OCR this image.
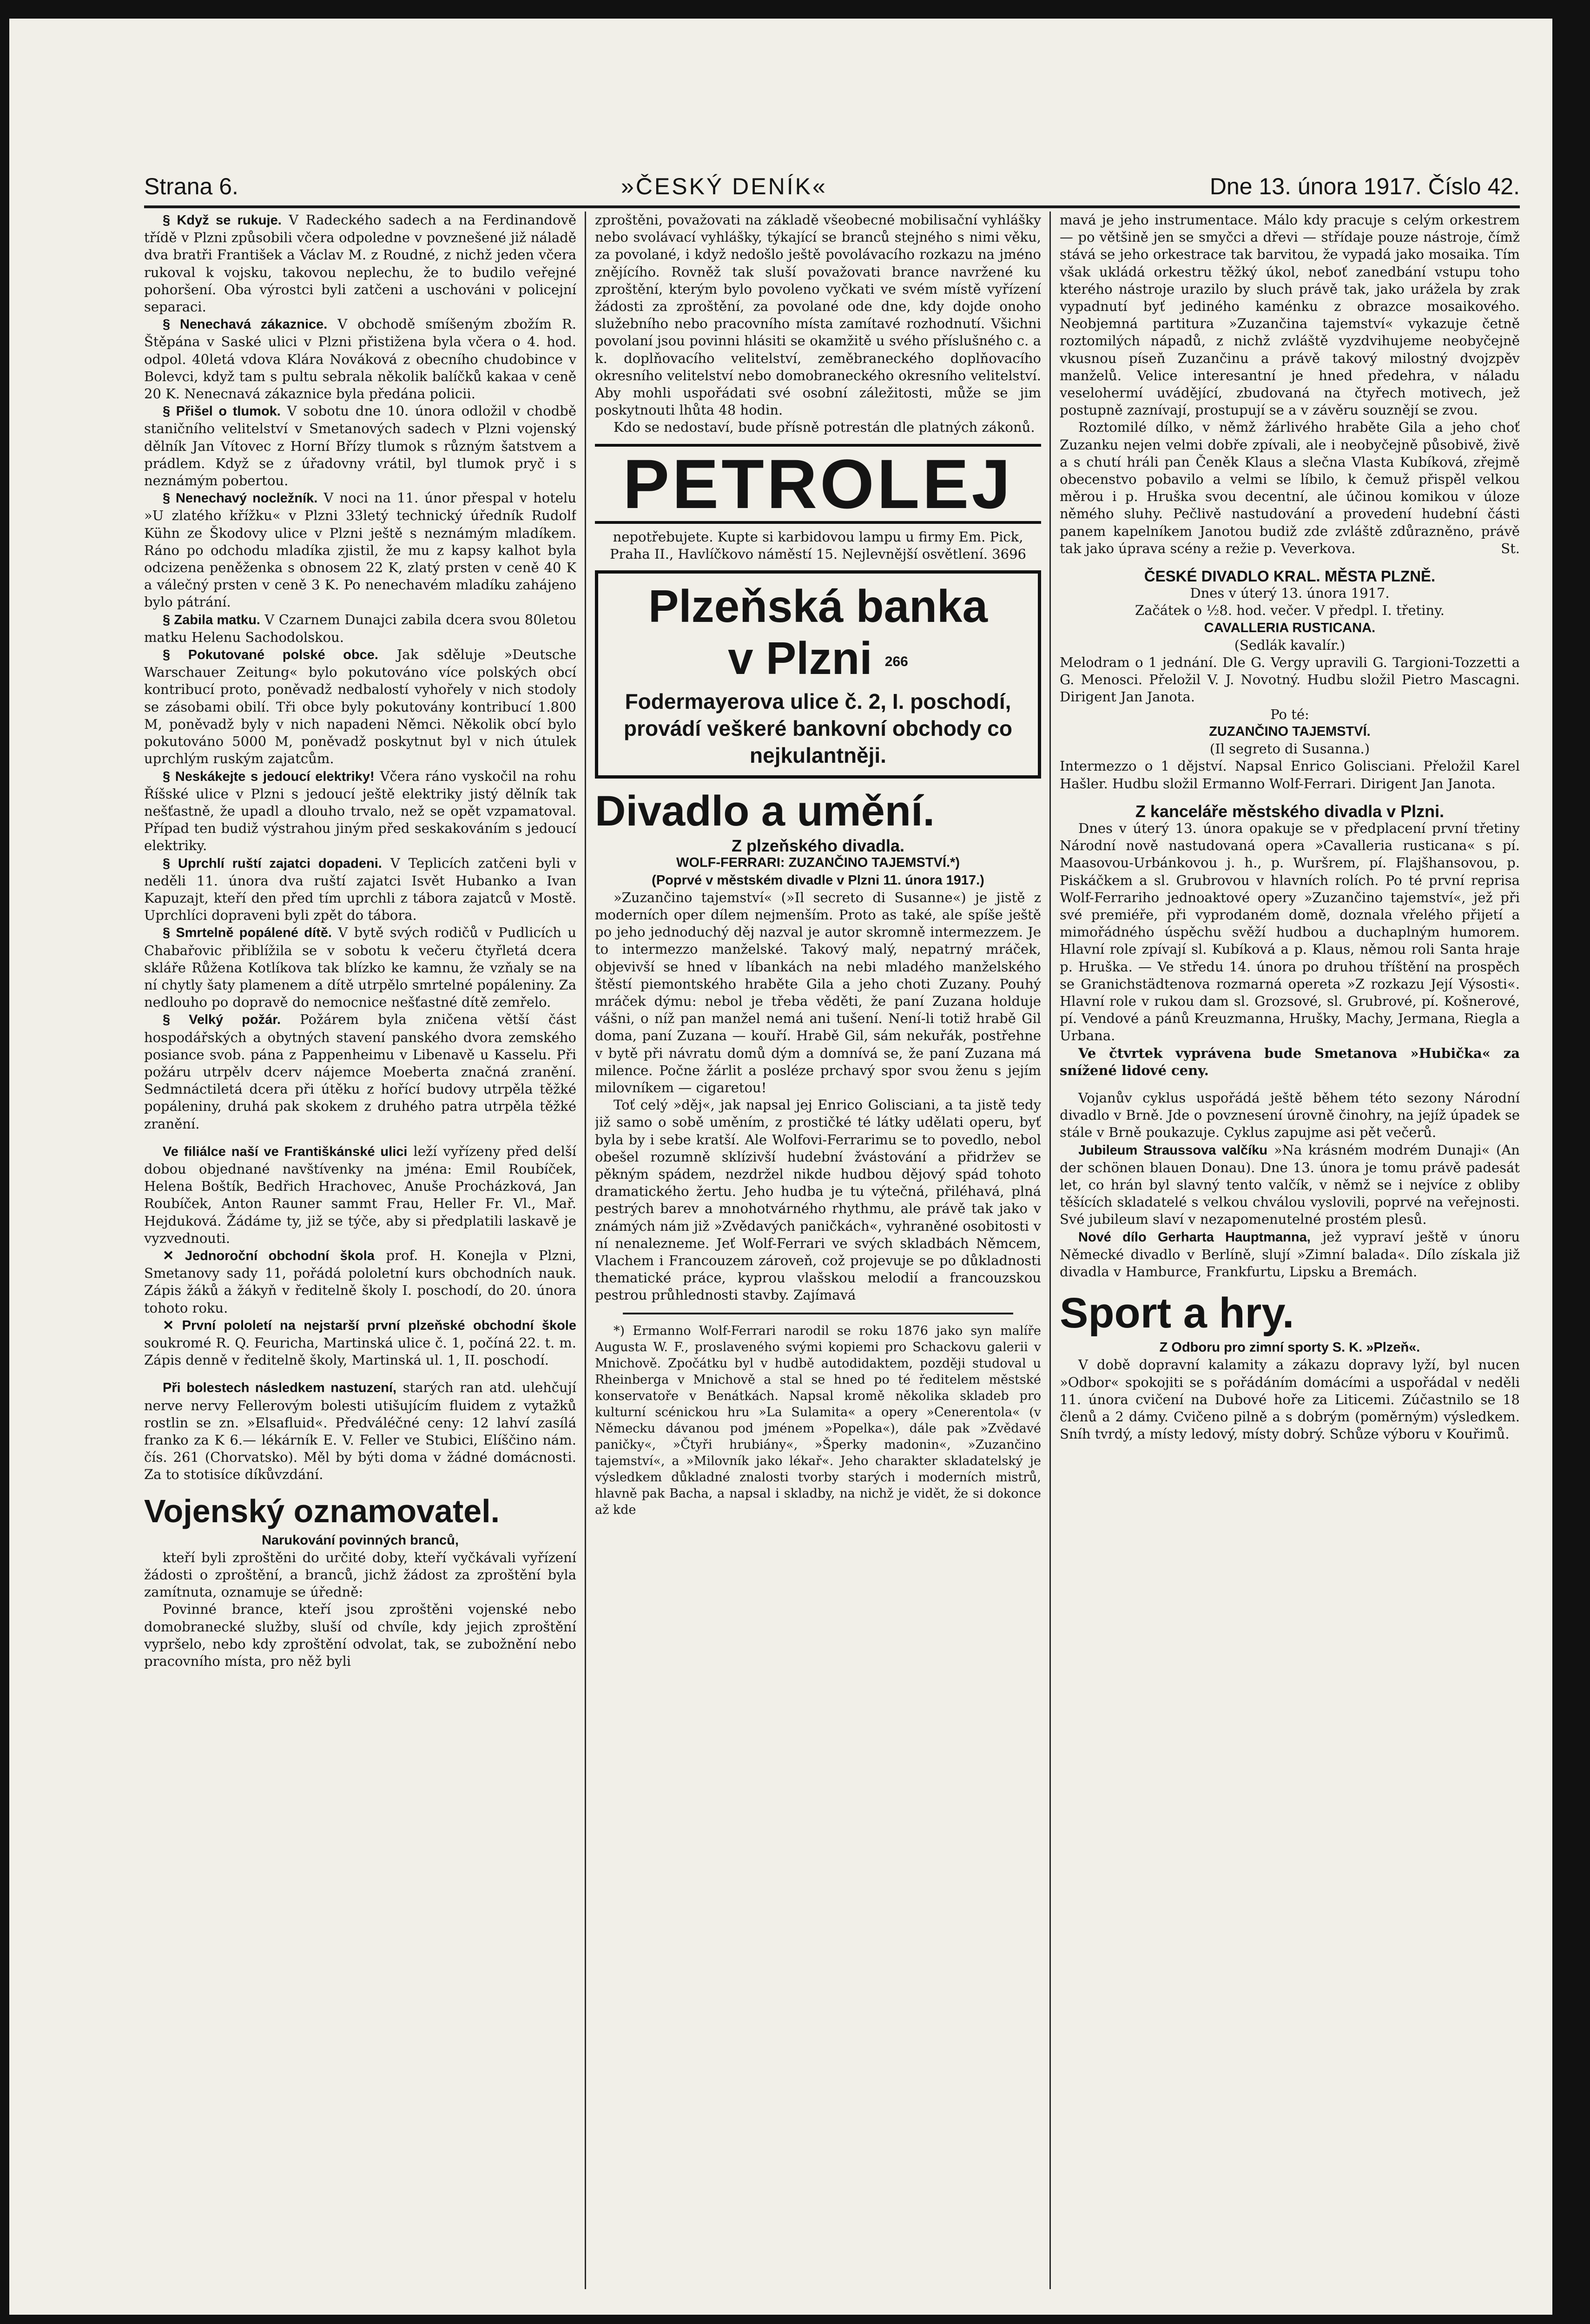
Strana 6.	»ČESKÝ DENÍK«	Dne 13. února 1917. Číslo 42.

§ Když se rukuje. V Radeckého sadech a na Ferdinandově třídě v Plzni způsobili včera odpoledne v povznešené již náladě dva bratři František a Václav M. z Roudné, z nichž jeden včera rukoval k vojsku, takovou neplechu, že to budilo veřejné pohoršení. Oba výrostci byli zatčeni a uschováni v policejní separaci.

§ Nenechavá zákaznice. V obchodě smíšeným zbožím R. Štěpána v Saské ulici v Plzni přistižena byla včera o 4. hod. odpol. 40letá vdova Klára Nováková z obecního chudobince v Bolevci, když tam s pultu sebrala několik balíčků kakaa v ceně 20 K. Nenecnavá zákaznice byla předána policii.

§ Přišel o tlumok. V sobotu dne 10. února odložil v chodbě staničního velitelství v Smetanových sadech v Plzni vojenský dělník Jan Vítovec z Horní Břízy tlumok s různým šatstvem a prádlem. Když se z úřadovny vrátil, byl tlumok pryč i s neznámým pobertou.

§ Nenechavý nocležník. V noci na 11. únor přespal v hotelu »U zlatého křížku« v Plzni 33letý technický úředník Rudolf Kühn ze Škodovy ulice v Plzni ještě s neznámým mladíkem. Ráno po odchodu mladíka zjistil, že mu z kapsy kalhot byla odcizena peněženka s obnosem 22 K, zlatý prsten v ceně 40 K a válečný prsten v ceně 3 K. Po nenechavém mladíku zahájeno bylo pátrání.

§ Zabila matku. V Czarnem Dunajci zabila dcera svou 80letou matku Helenu Sachodolskou.

§ Pokutované polské obce. Jak sděluje »Deutsche Warschauer Zeitung« bylo pokutováno více polských obcí kontribucí proto, poněvadž nedbalostí vyhořely v nich stodoly se zásobami obilí. Tři obce byly pokutovány kontribucí 1.800 M, poněvadž byly v nich napadeni Němci. Několik obcí bylo pokutováno 5000 M, poněvadž poskytnut byl v nich útulek uprchlým ruským zajatcům.

§ Neskákejte s jedoucí elektriky! Včera ráno vyskočil na rohu Říšské ulice v Plzni s jedoucí ještě elektriky jistý dělník tak nešťastně, že upadl a dlouho trvalo, než se opět vzpamatoval. Případ ten budiž výstrahou jiným před seskakováním s jedoucí elektriky.

§ Uprchlí ruští zajatci dopadeni. V Teplicích zatčeni byli v neděli 11. února dva ruští zajatci Isvět Hubanko a Ivan Kapuzajt, kteří den před tím uprchli z tábora zajatců v Mostě. Uprchlíci dopraveni byli zpět do tábora.

§ Smrtelně popálené dítě. V bytě svých rodičů v Pudlicích u Chabařovic přiblížila se v sobotu k večeru čtyřletá dcera skláře Růžena Kotlíkova tak blízko ke kamnu, že vzňaly se na ní chytly šaty plamenem a dítě utrpělo smrtelné popáleniny. Za nedlouho po dopravě do nemocnice nešťastné dítě zemřelo.

§ Velký požár. Požárem byla zničena větší část hospodářských a obytných stavení panského dvora zemského posiance svob. pána z Pappenheimu v Libenavě u Kasselu. Při požáru utrpělv dcerv nájemce Moeberta značná zranění. Sedmnáctiletá dcera při útěku z hořící budovy utrpěla těžké popáleniny, druhá pak skokem z druhého patra utrpěla těžké zranění.

Ve filiálce naší ve Františkánské ulici leží vyřízeny před delší dobou objednané navštívenky na jména: Emil Roubíček, Helena Boštík, Bedřich Hrachovec, Anuše Procházková, Jan Roubíček, Anton Rauner sammt Frau, Heller Fr. Vl., Mař. Hejduková. Žádáme ty, již se týče, aby si předplatili laskavě je vyzvednouti.

✕ Jednoroční obchodní škola prof. H. Konejla v Plzni, Smetanovy sady 11, pořádá pololetní kurs obchodních nauk. Zápis žáků a žákyň v ředitelně školy I. poschodí, do 20. února tohoto roku.

✕ První pololetí na nejstarší první plzeňské obchodní škole soukromé R. Q. Feuricha, Martinská ulice č. 1, počíná 22. t. m. Zápis denně v ředitelně školy, Martinská ul. 1, II. poschodí.

Při bolestech následkem nastuzení, starých ran atd. ulehčují nerve nervy Fellerovým bolesti utišujícím fluidem z vytažků rostlin se zn. »Elsafluid«. Předváléčné ceny: 12 lahví zasílá franko za K 6.— lékárník E. V. Feller ve Stubici, Elíščino nám. čís. 261 (Chorvatsko). Měl by býti doma v žádné domácnosti. Za to stotisíce díkůvzdání.

Vojenský oznamovatel.

Narukování povinných branců,

kteří byli zproštěni do určité doby, kteří vyčkávali vyřízení žádosti o zproštění, a branců, jichž žádost za zproštění byla zamítnuta, oznamuje se úředně:

Povinné brance, kteří jsou zproštěni vojenské nebo domobranecké služby, sluší od chvíle, kdy jejich zproštění vypršelo, nebo kdy zproštění odvolat, tak, se zubožnění nebo pracovního místa, pro něž byli

zproštěni, považovati na základě všeobecné mobilisační vyhlášky nebo svolávací vyhlášky, týkající se branců stejného s nimi věku, za povolané, i když nedošlo ještě povolávacího rozkazu na jméno znějícího. Rovněž tak sluší považovati brance navržené ku zproštění, kterým bylo povoleno vyčkati ve svém místě vyřízení žádosti za zproštění, za povolané ode dne, kdy dojde onoho služebního nebo pracovního místa zamítavé rozhodnutí. Všichni povolaní jsou povinni hlásiti se okamžitě u svého příslušného c. a k. doplňovacího velitelství, zeměbraneckého doplňovacího okresního velitelství nebo domobraneckého okresního velitelství. Aby mohli uspořádati své osobní záležitosti, může se jim poskytnouti lhůta 48 hodin.

Kdo se nedostaví, bude přísně potrestán dle platných zákonů.

PETROLEJ

nepotřebujete. Kupte si karbidovou lampu u firmy Em. Pick, Praha II., Havlíčkovo náměstí 15. Nejlevnější osvětlení. 3696

Plzeňská banka
v Plzni 266
Fodermayerova ulice č. 2, I. poschodí,
provádí veškeré bankovní obchody co nejkulantněji.
Divadlo a umění.

Z plzeňského divadla.

WOLF-FERRARI: ZUZANČINO TAJEMSTVÍ.*)

(Poprvé v městském divadle v Plzni 11. února 1917.)

»Zuzančino tajemství« (»Il secreto di Susanne«) je jistě z moderních oper dílem nejmenším. Proto as také, ale spíše ještě po jeho jednoduchý děj nazval je autor skromně intermezzem. Je to intermezzo manželské. Takový malý, nepatrný mráček, objevivší se hned v líbankách na nebi mladého manželského štěstí piemontského hraběte Gila a jeho choti Zuzany. Pouhý mráček dýmu: nebol je třeba věděti, že paní Zuzana holduje vášni, o níž pan manžel nemá ani tušení. Není-li totiž hrabě Gil doma, paní Zuzana — kouří. Hrabě Gil, sám nekuřák, postřehne v bytě při návratu domů dým a domnívá se, že paní Zuzana má milence. Počne žárlit a posléze prchavý spor svou ženu s jejím milovníkem — cigaretou!

Toť celý »děj«, jak napsal jej Enrico Golisciani, a ta jistě tedy již samo o sobě uměním, z prostičké té látky udělati operu, byť byla by i sebe kratší. Ale Wolfovi-Ferrarimu se to povedlo, nebol obešel rozumně sklízivší hudební žvástování a přidržev se pěkným spádem, nezdržel nikde hudbou dějový spád tohoto dramatického žertu. Jeho hudba je tu výtečná, přiléhavá, plná pestrých barev a mnohotvárného rhythmu, ale právě tak jako v známých nám již »Zvědavých paničkách«, vyhraněné osobitosti v ní nenalezneme. Jeť Wolf-Ferrari ve svých skladbách Němcem, Vlachem i Francouzem zároveň, což projevuje se po důkladnosti thematické práce, kyprou vlašskou melodií a francouzskou pestrou průhlednosti stavby. Zajímavá

*) Ermanno Wolf-Ferrari narodil se roku 1876 jako syn malíře Augusta W. F., proslaveného svými kopiemi pro Schackovu galerii v Mnichově. Zpočátku byl v hudbě autodidaktem, později studoval u Rheinberga v Mnichově a stal se hned po té ředitelem městské konservatoře v Benátkách. Napsal kromě několika skladeb pro kulturní scénickou hru »La Sulamita« a opery »Cenerentola« (v Německu dávanou pod jménem »Popelka«), dále pak »Zvědavé paničky«, »Čtyři hrubiány«, »Šperky madonin«, »Zuzančino tajemství«, a »Milovník jako lékař«. Jeho charakter skladatelský je výsledkem důkladné znalosti tvorby starých i moderních mistrů, hlavně pak Bacha, a napsal i skladby, na nichž je vidět, že si dokonce až kde

mavá je jeho instrumentace. Málo kdy pracuje s celým orkestrem — po většině jen se smyčci a dřevi — střídaje pouze nástroje, čímž stává se jeho orkestrace tak barvitou, že vypadá jako mosaika. Tím však ukládá orkestru těžký úkol, neboť zanedbání vstupu toho kterého nástroje urazilo by sluch právě tak, jako urážela by zrak vypadnutí byť jediného kaménku z obrazce mosaikového. Neobjemná partitura »Zuzančina tajemství« vykazuje četně roztomilých nápadů, z nichž zvláště vyzdvihujeme neobyčejně vkusnou píseň Zuzančinu a právě takový milostný dvojzpěv manželů. Velice interesantní je hned předehra, v náladu veselohermí uvádějící, zbudovaná na čtyřech motivech, jež postupně zaznívají, prostupují se a v závěru souznějí se zvou.

Roztomilé dílko, v němž žárlivého hraběte Gila a jeho choť Zuzanku nejen velmi dobře zpívali, ale i neobyčejně působivě, živě a s chutí hráli pan Čeněk Klaus a slečna Vlasta Kubíková, zřejmě obecenstvo pobavilo a velmi se líbilo, k čemuž přispěl velkou měrou i p. Hruška svou decentní, ale účinou komikou v úloze němého sluhy. Pečlivě nastudování a provedení hudební části panem kapelníkem Janotou budiž zde zvláště zdůrazněno, právě tak jako úprava scény a režie p. Veverkova.	St.

ČESKÉ DIVADLO KRAL. MĚSTA PLZNĚ.

Dnes v úterý 13. února 1917.

Začátek o ½8. hod. večer. V předpl. I. třetiny.

CAVALLERIA RUSTICANA.

(Sedlák kavalír.)

Melodram o 1 jednání. Dle G. Vergy upravili G. Targioni-Tozzetti a G. Menosci. Přeložil V. J. Novotný. Hudbu složil Pietro Mascagni. Dirigent Jan Janota.

Po té:

ZUZANČINO TAJEMSTVÍ.

(Il segreto di Susanna.)

Intermezzo o 1 dějství. Napsal Enrico Golisciani. Přeložil Karel Hašler. Hudbu složil Ermanno Wolf-Ferrari. Dirigent Jan Janota.

Z kanceláře městského divadla v Plzni.

Dnes v úterý 13. února opakuje se v předplacení první třetiny Národní nově nastudovaná opera »Cavalleria rusticana« s pí. Maasovou-Urbánkovou j. h., p. Wuršrem, pí. Flajšhansovou, p. Piskáčkem a sl. Grubrovou v hlavních rolích. Po té první reprisa Wolf-Ferrariho jednoaktové opery »Zuzančino tajemství«, jež při své premiéře, při vyprodaném domě, doznala vřelého přijetí a mimořádného úspěchu svěží hudbou a duchaplným humorem. Hlavní role zpívají sl. Kubíková a p. Klaus, němou roli Santa hraje p. Hruška. — Ve středu 14. února po druhou tříštění na prospěch se Granichstädtenova rozmarná opereta »Z rozkazu Její Výsosti«. Hlavní role v rukou dam sl. Grozsové, sl. Grubrové, pí. Košnerové, pí. Vendové a pánů Kreuzmanna, Hrušky, Machy, Jermana, Riegla a Urbana.

Ve čtvrtek vyprávena bude Smetanova »Hubička« za snížené lidové ceny.

Vojanův cyklus uspořádá ještě během této sezony Národní divadlo v Brně. Jde o povznesení úrovně činohry, na jejíž úpadek se stále v Brně poukazuje. Cyklus zapujme asi pět večerů.

Jubileum Straussova valčíku »Na krásném modrém Dunaji« (An der schönen blauen Donau). Dne 13. února je tomu právě padesát let, co hrán byl slavný tento valčík, v němž se i nejvíce z obliby těšících skladatelé s velkou chválou vyslovili, poprvé na veřejnosti. Své jubileum slaví v nezapomenutelné prostém plesů.

Nové dílo Gerharta Hauptmanna, jež vypraví ještě v únoru Německé divadlo v Berlíně, slují »Zimní balada«. Dílo získala již divadla v Hamburce, Frankfurtu, Lipsku a Bremách.

Sport a hry.

Z Odboru pro zimní sporty S. K. »Plzeň«.

V době dopravní kalamity a zákazu dopravy lyží, byl nucen »Odbor« spokojiti se s pořádáním domácími a uspořádal v neděli 11. února cvičení na Dubové hoře za Liticemi. Zúčastnilo se 18 členů a 2 dámy. Cvičeno pilně a s dobrým (poměrným) výsledkem. Sníh tvrdý, a místy ledový, místy dobrý. Schůze výboru v Kouřimů.
